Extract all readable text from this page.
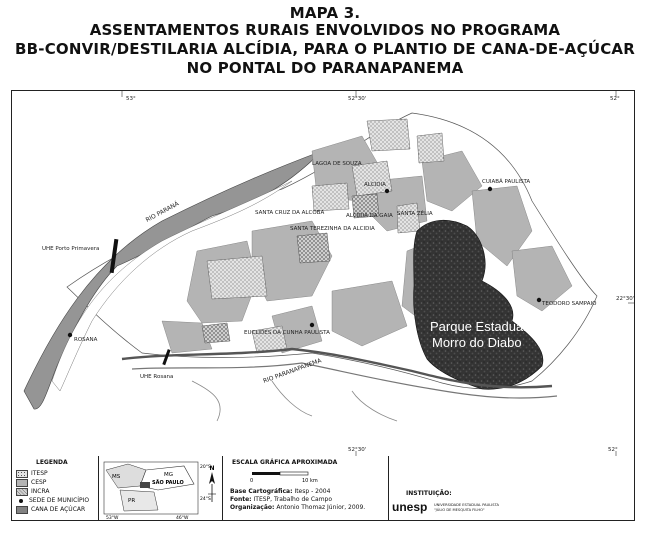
MAPA 3.
ASSENTAMENTOS RURAIS ENVOLVIDOS NO PROGRAMA
BB-CONVIR/DESTILARIA ALCÍDIA, PARA O PLANTIO DE CANA-DE-AÇÚCAR
NO PONTAL DO PARANAPANEMA
53°	52°30'	52°
22°30'
52°30'	52°
LAGOA DE SOUZA
ALCIDIA
SANTA CRUZ DA ALCOBA
SANTA TEREZINHA DA ALCIDIA
ALCIDIA DA GAIA SANTA ZÉLIA
CUIABÁ PAULISTA
TEODORO SAMPAIO
EUCLIDES DA CUNHA PAULISTA
ROSANA
UHE Porto Primavera
UHE Rosana
RIO PARANÁ
RIO PARANAPANEMA
Parque Estadual
Morro do Diabo
LEGENDA
ITESP
CESP
INCRA
SEDE DE MUNICÍPIO
CANA DE AÇÚCAR
MS	MG
SÃO PAULO
PR
20°S
24°S
53°W	46°W
N
ESCALA GRÁFICA APROXIMADA
0	10 km
Base Cartográfica: Itesp - 2004
Fonte: ITESP, Trabalho de Campo
Organização: Antonio Thomaz Júnior, 2009.
INSTITUIÇÃO:
unesp UNIVERSIDADE ESTADUAL PAULISTA "JÚLIO DE MESQUITA FILHO"
